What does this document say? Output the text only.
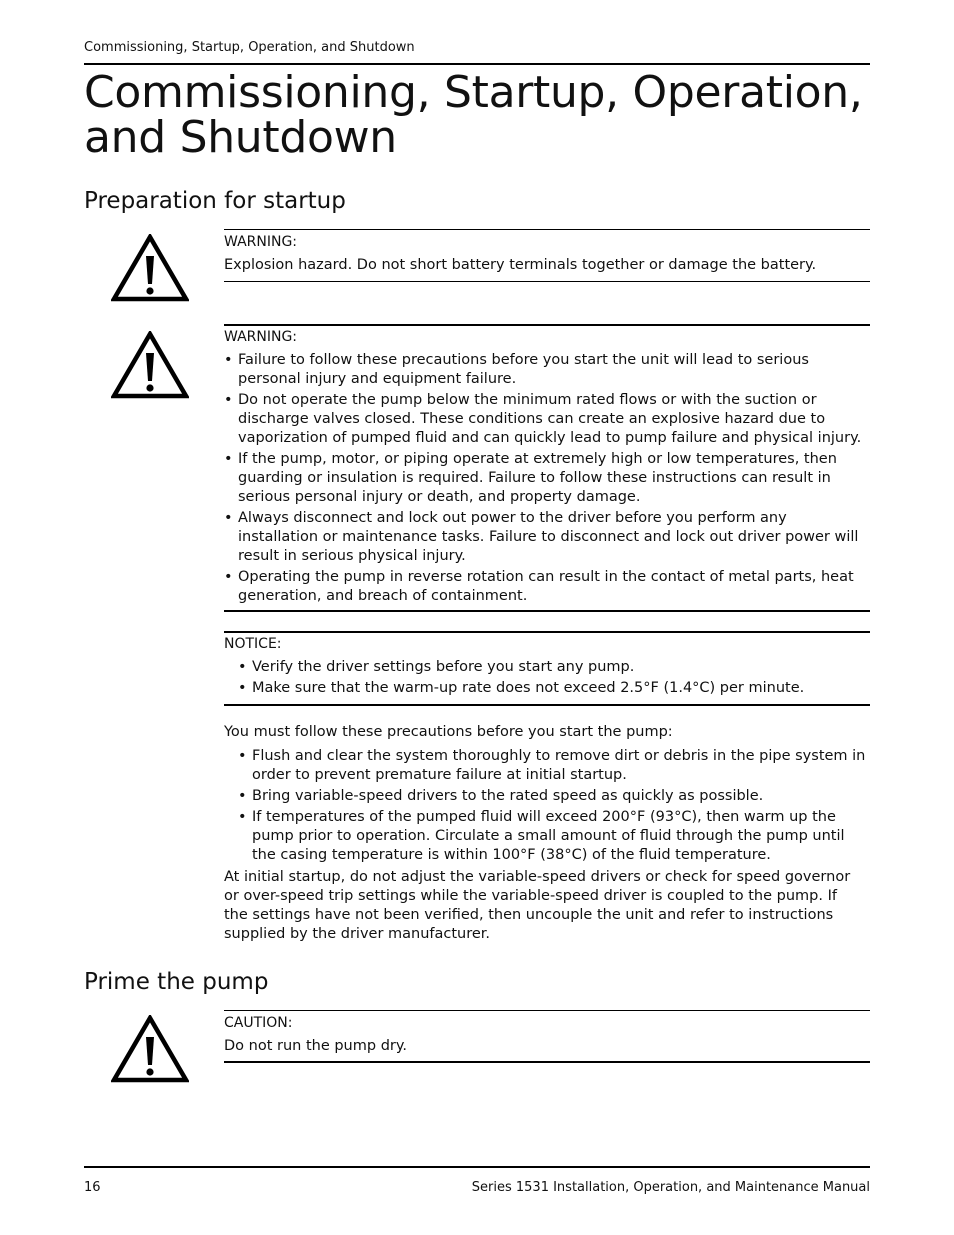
Commissioning, Startup, Operation, and Shutdown
Commissioning, Startup, Operation, and Shutdown
Preparation for startup
WARNING:
Explosion hazard. Do not short battery terminals together or damage the battery.
WARNING:
• Failure to follow these precautions before you start the unit will lead to serious personal injury and equipment failure.
• Do not operate the pump below the minimum rated flows or with the suction or discharge valves closed. These conditions can create an explosive hazard due to vaporization of pumped fluid and can quickly lead to pump failure and physical injury.
• If the pump, motor, or piping operate at extremely high or low temperatures, then guarding or insulation is required. Failure to follow these instructions can result in serious personal injury or death, and property damage.
• Always disconnect and lock out power to the driver before you perform any installation or maintenance tasks. Failure to disconnect and lock out driver power will result in serious physical injury.
• Operating the pump in reverse rotation can result in the contact of metal parts, heat generation, and breach of containment.
NOTICE:
• Verify the driver settings before you start any pump.
• Make sure that the warm-up rate does not exceed 2.5°F (1.4°C) per minute.
You must follow these precautions before you start the pump:
• Flush and clear the system thoroughly to remove dirt or debris in the pipe system in order to prevent premature failure at initial startup.
• Bring variable-speed drivers to the rated speed as quickly as possible.
• If temperatures of the pumped fluid will exceed 200°F (93°C), then warm up the pump prior to operation. Circulate a small amount of fluid through the pump until the casing temperature is within 100°F (38°C) of the fluid temperature.
At initial startup, do not adjust the variable-speed drivers or check for speed governor or over-speed trip settings while the variable-speed driver is coupled to the pump. If the settings have not been verified, then uncouple the unit and refer to instructions supplied by the driver manufacturer.
Prime the pump
CAUTION:
Do not run the pump dry.
16	Series 1531 Installation, Operation, and Maintenance Manual
